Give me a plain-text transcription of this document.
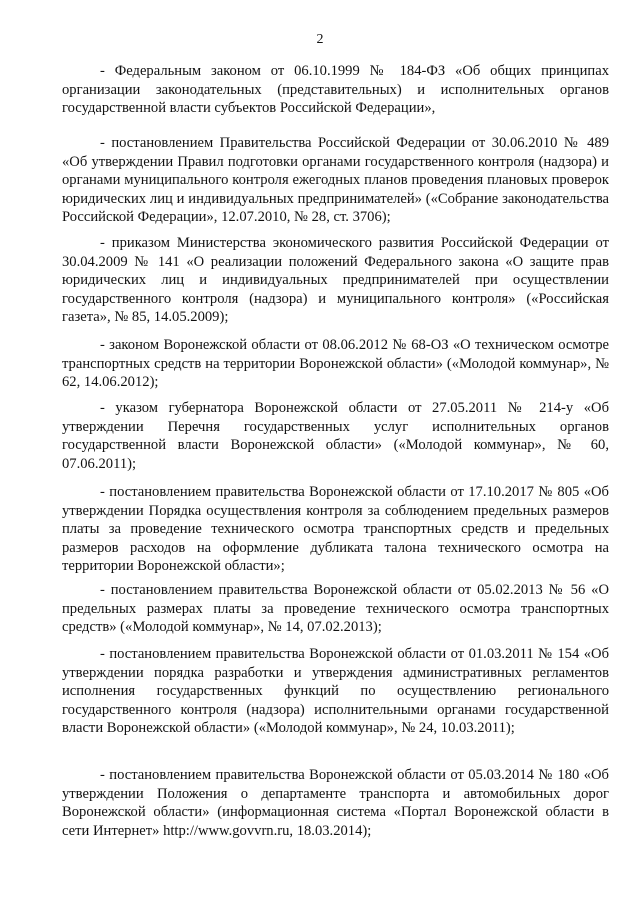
2

- Федеральным законом от 06.10.1999 № 184-ФЗ «Об общих принципах организации законодательных (представительных) и исполнительных органов государственной власти субъектов Российской Федерации»,

- постановлением Правительства Российской Федерации от 30.06.2010 № 489 «Об утверждении Правил подготовки органами государственного контроля (надзора) и органами муниципального контроля ежегодных планов проведения плановых проверок юридических лиц и индивидуальных предпринимателей» («Собрание законодательства Российской Федерации», 12.07.2010, № 28, ст. 3706);

- приказом Министерства экономического развития Российской Федерации от 30.04.2009 № 141 «О реализации положений Федерального закона «О защите прав юридических лиц и индивидуальных предпринимателей при осуществлении государственного контроля (надзора) и муниципального контроля» («Российская газета», № 85, 14.05.2009);

- законом Воронежской области от 08.06.2012 № 68-ОЗ «О техническом осмотре транспортных средств на территории Воронежской области» («Молодой коммунар», № 62, 14.06.2012);

- указом губернатора Воронежской области от 27.05.2011 № 214-у «Об утверждении Перечня государственных услуг исполнительных органов государственной власти Воронежской области» («Молодой коммунар», № 60, 07.06.2011);

- постановлением правительства Воронежской области от 17.10.2017 № 805 «Об утверждении Порядка осуществления контроля за соблюдением предельных размеров платы за проведение технического осмотра транспортных средств и предельных размеров расходов на оформление дубликата талона технического осмотра на территории Воронежской области»;

- постановлением правительства Воронежской области от 05.02.2013 № 56 «О предельных размерах платы за проведение технического осмотра транспортных средств» («Молодой коммунар», № 14, 07.02.2013);

- постановлением правительства Воронежской области от 01.03.2011 № 154 «Об утверждении порядка разработки и утверждения административных регламентов исполнения государственных функций по осуществлению регионального государственного контроля (надзора) исполнительными органами государственной власти Воронежской области» («Молодой коммунар», № 24, 10.03.2011);

- постановлением правительства Воронежской области от 05.03.2014 № 180 «Об утверждении Положения о департаменте транспорта и автомобильных дорог Воронежской области» (информационная система «Портал Воронежской области в сети Интернет» http://www.govvrn.ru, 18.03.2014);
